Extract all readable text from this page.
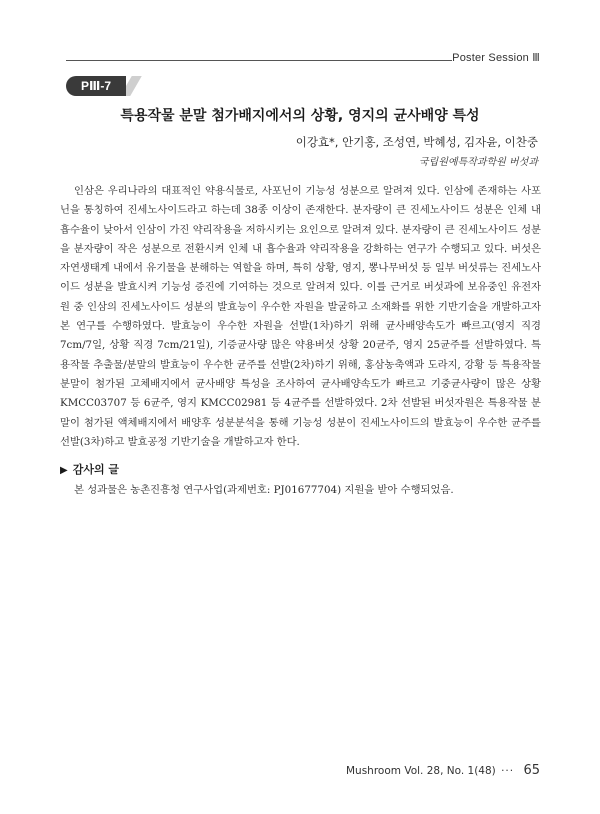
Poster Session Ⅲ
PⅢ-7
특용작물 분말 첨가배지에서의 상황, 영지의 균사배양 특성
이강효*, 안기홍, 조성연, 박혜성, 김자윤, 이찬중
국립원예특작과학원 버섯과

인삼은 우리나라의 대표적인 약용식물로, 사포닌이 기능성 성분으로 알려져 있다. 인삼에 존재하는 사포닌을 통칭하여 진세노사이드라고 하는데 38종 이상이 존재한다. 분자량이 큰 진세노사이드 성분은 인체 내 흡수율이 낮아서 인삼이 가진 약리작용을 저하시키는 요인으로 알려져 있다. 분자량이 큰 진세노사이드 성분을 분자량이 작은 성분으로 전환시켜 인체 내 흡수율과 약리작용을 강화하는 연구가 수행되고 있다. 버섯은 자연생태계 내에서 유기물을 분해하는 역할을 하며, 특히 상황, 영지, 뽕나무버섯 등 일부 버섯류는 진세노사이드 성분을 발효시켜 기능성 증진에 기여하는 것으로 알려져 있다. 이를 근거로 버섯과에 보유중인 유전자원 중 인삼의 진세노사이드 성분의 발효능이 우수한 자원을 발굴하고 소재화를 위한 기반기술을 개발하고자 본 연구를 수행하였다. 발효능이 우수한 자원을 선발(1차)하기 위해 균사배양속도가 빠르고(영지 직경 7cm/7일, 상황 직경 7cm/21일), 기증균사량 많은 약용버섯 상황 20균주, 영지 25균주를 선발하였다. 특용작물 추출물/분말의 발효능이 우수한 균주를 선발(2차)하기 위해, 홍삼농축액과 도라지, 강황 등 특용작물 분말이 첨가된 고체배지에서 균사배양 특성을 조사하여 균사배양속도가 빠르고 기중균사량이 많은 상황 KMCC03707 등 6균주, 영지 KMCC02981 등 4균주를 선발하였다. 2차 선발된 버섯자원은 특용작물 분말이 첨가된 액체배지에서 배양후 성분분석을 통해 기능성 성분이 진세노사이드의 발효능이 우수한 균주를 선발(3차)하고 발효공정 기반기술을 개발하고자 한다.

▶ 감사의 글

본 성과물은 농촌진흥청 연구사업(과제번호: PJ01677704) 지원을 받아 수행되었음.

Mushroom Vol. 28, No. 1(48) ··· 65
